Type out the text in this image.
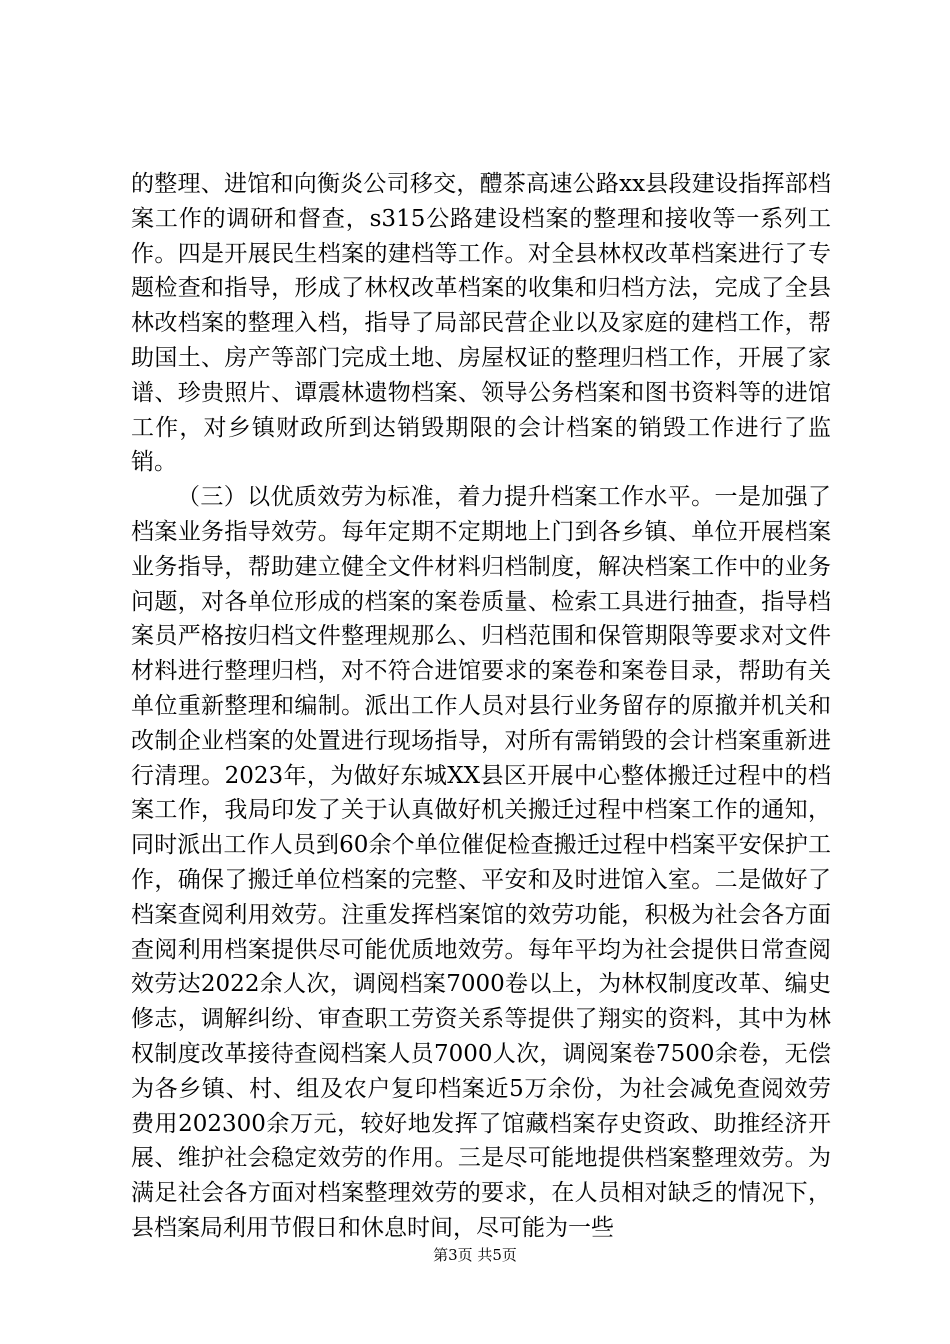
的整理、进馆和向衡炎公司移交，醴茶高速公路xx县段建设指挥部档案工作的调研和督查，s315公路建设档案的整理和接收等一系列工作。四是开展民生档案的建档等工作。对全县林权改革档案进行了专题检查和指导，形成了林权改革档案的收集和归档方法，完成了全县林改档案的整理入档，指导了局部民营企业以及家庭的建档工作，帮助国土、房产等部门完成土地、房屋权证的整理归档工作，开展了家谱、珍贵照片、谭震林遗物档案、领导公务档案和图书资料等的进馆工作，对乡镇财政所到达销毁期限的会计档案的销毁工作进行了监销。

（三）以优质效劳为标准，着力提升档案工作水平。一是加强了档案业务指导效劳。每年定期不定期地上门到各乡镇、单位开展档案业务指导，帮助建立健全文件材料归档制度，解决档案工作中的业务问题，对各单位形成的档案的案卷质量、检索工具进行抽查，指导档案员严格按归档文件整理规那么、归档范围和保管期限等要求对文件材料进行整理归档，对不符合进馆要求的案卷和案卷目录，帮助有关单位重新整理和编制。派出工作人员对县行业务留存的原撤并机关和改制企业档案的处置进行现场指导，对所有需销毁的会计档案重新进行清理。2023年，为做好东城XX县区开展中心整体搬迁过程中的档案工作，我局印发了关于认真做好机关搬迁过程中档案工作的通知，同时派出工作人员到60余个单位催促检查搬迁过程中档案平安保护工作，确保了搬迁单位档案的完整、平安和及时进馆入室。二是做好了档案查阅利用效劳。注重发挥档案馆的效劳功能，积极为社会各方面查阅利用档案提供尽可能优质地效劳。每年平均为社会提供日常查阅效劳达2022余人次，调阅档案7000卷以上，为林权制度改革、编史修志，调解纠纷、审查职工劳资关系等提供了翔实的资料，其中为林权制度改革接待查阅档案人员7000人次，调阅案卷7500余卷，无偿为各乡镇、村、组及农户复印档案近5万余份，为社会减免查阅效劳费用202300余万元，较好地发挥了馆藏档案存史资政、助推经济开展、维护社会稳定效劳的作用。三是尽可能地提供档案整理效劳。为满足社会各方面对档案整理效劳的要求，在人员相对缺乏的情况下，县档案局利用节假日和休息时间，尽可能为一些

第3页 共5页
